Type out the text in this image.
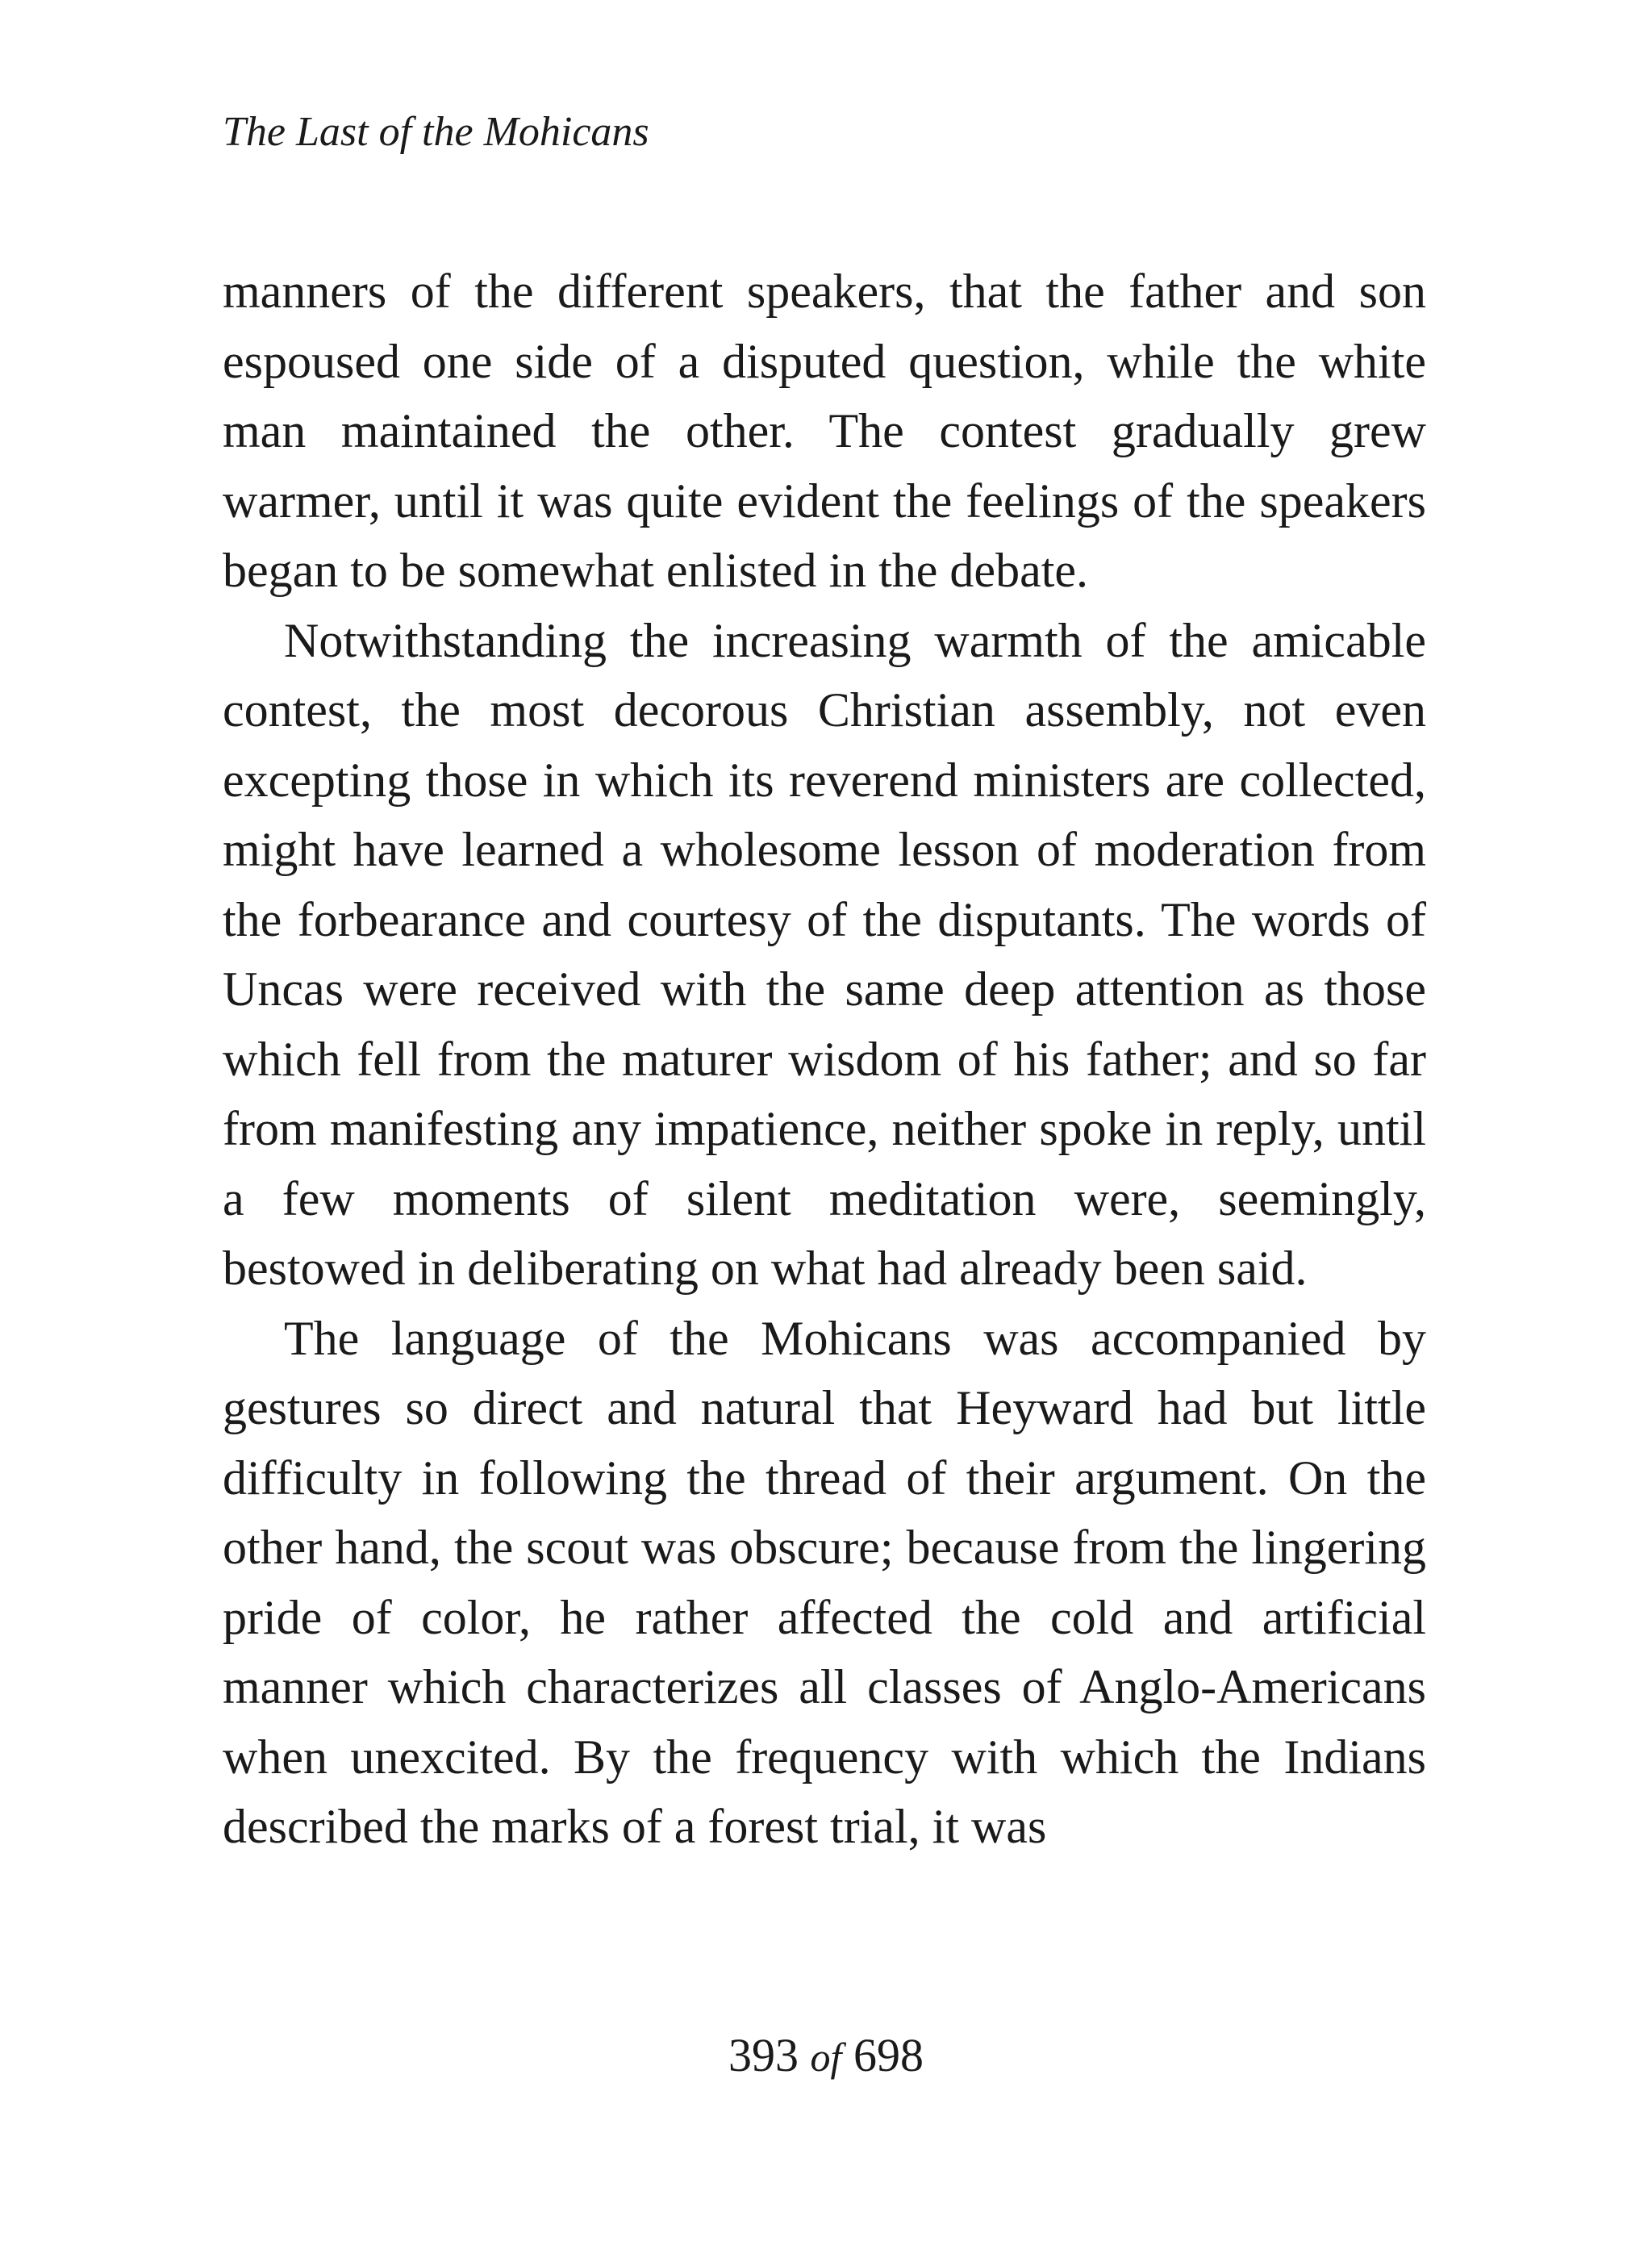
The Last of the Mohicans

manners of the different speakers, that the father and son espoused one side of a disputed question, while the white man maintained the other. The contest gradually grew warmer, until it was quite evident the feelings of the speakers began to be somewhat enlisted in the debate.

Notwithstanding the increasing warmth of the amicable contest, the most decorous Christian assembly, not even excepting those in which its reverend ministers are collected, might have learned a wholesome lesson of moderation from the forbearance and courtesy of the disputants. The words of Uncas were received with the same deep attention as those which fell from the maturer wisdom of his father; and so far from manifesting any impatience, neither spoke in reply, until a few moments of silent meditation were, seemingly, bestowed in deliberating on what had already been said.

The language of the Mohicans was accompanied by gestures so direct and natural that Heyward had but little difficulty in following the thread of their argument. On the other hand, the scout was obscure; because from the lingering pride of color, he rather affected the cold and artificial manner which characterizes all classes of Anglo-Americans when unexcited. By the frequency with which the Indians described the marks of a forest trial, it was

393 of 698
